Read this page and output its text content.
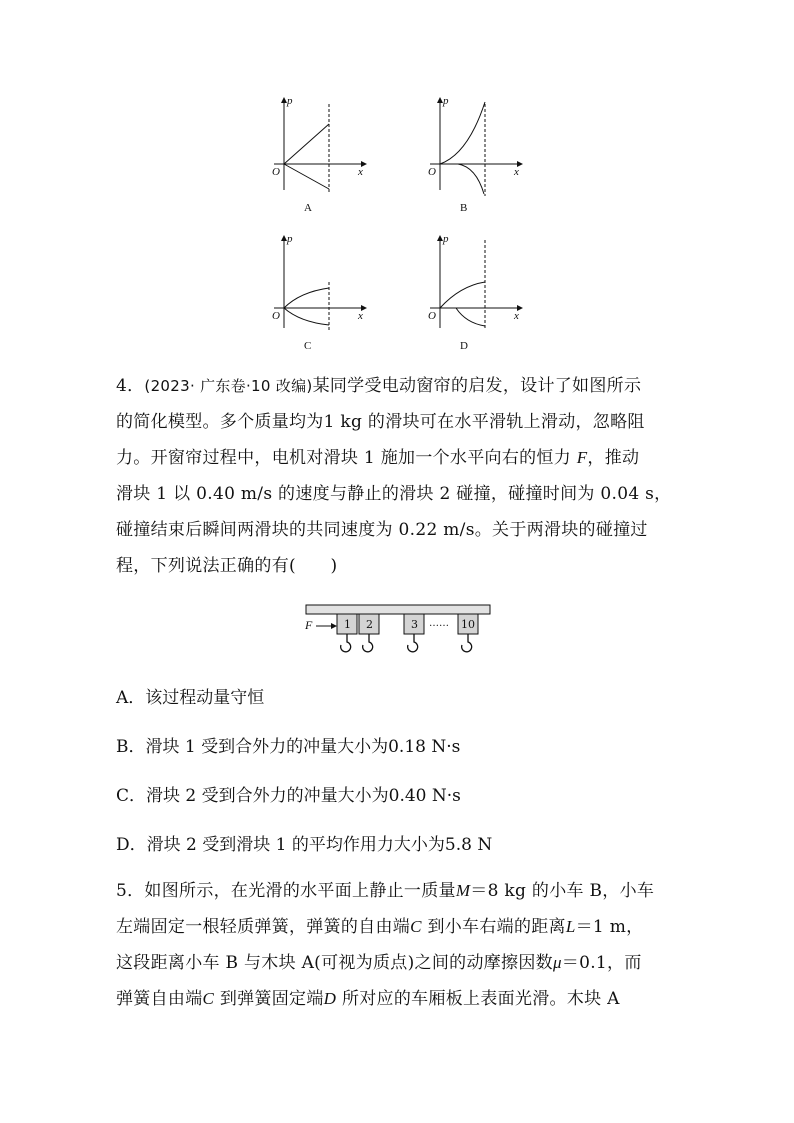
p
x
O
A
p
x
O
B
p
x
O
C
p
x
O
D

4．(2023· 广东卷·10 改编)某同学受电动窗帘的启发，设计了如图所示

的简化模型。多个质量均为1 kg 的滑块可在水平滑轨上滑动，忽略阻

力。开窗帘过程中，电机对滑块 1 施加一个水平向右的恒力 F，推动

滑块 1 以 0.40 m/s 的速度与静止的滑块 2 碰撞，碰撞时间为 0.04 s，

碰撞结束后瞬间两滑块的共同速度为 0.22 m/s。关于两滑块的碰撞过

程，下列说法正确的有(　　)

F	1 2	3	10
……
A．该过程动量守恒
B．滑块 1 受到合外力的冲量大小为0.18 N·s
C．滑块 2 受到合外力的冲量大小为0.40 N·s
D．滑块 2 受到滑块 1 的平均作用力大小为5.8 N

5．如图所示，在光滑的水平面上静止一质量M＝8 kg 的小车 B，小车

左端固定一根轻质弹簧，弹簧的自由端C 到小车右端的距离L＝1 m，

这段距离小车 B 与木块 A(可视为质点)之间的动摩擦因数μ＝0.1，而

弹簧自由端C 到弹簧固定端D 所对应的车厢板上表面光滑。木块 A
